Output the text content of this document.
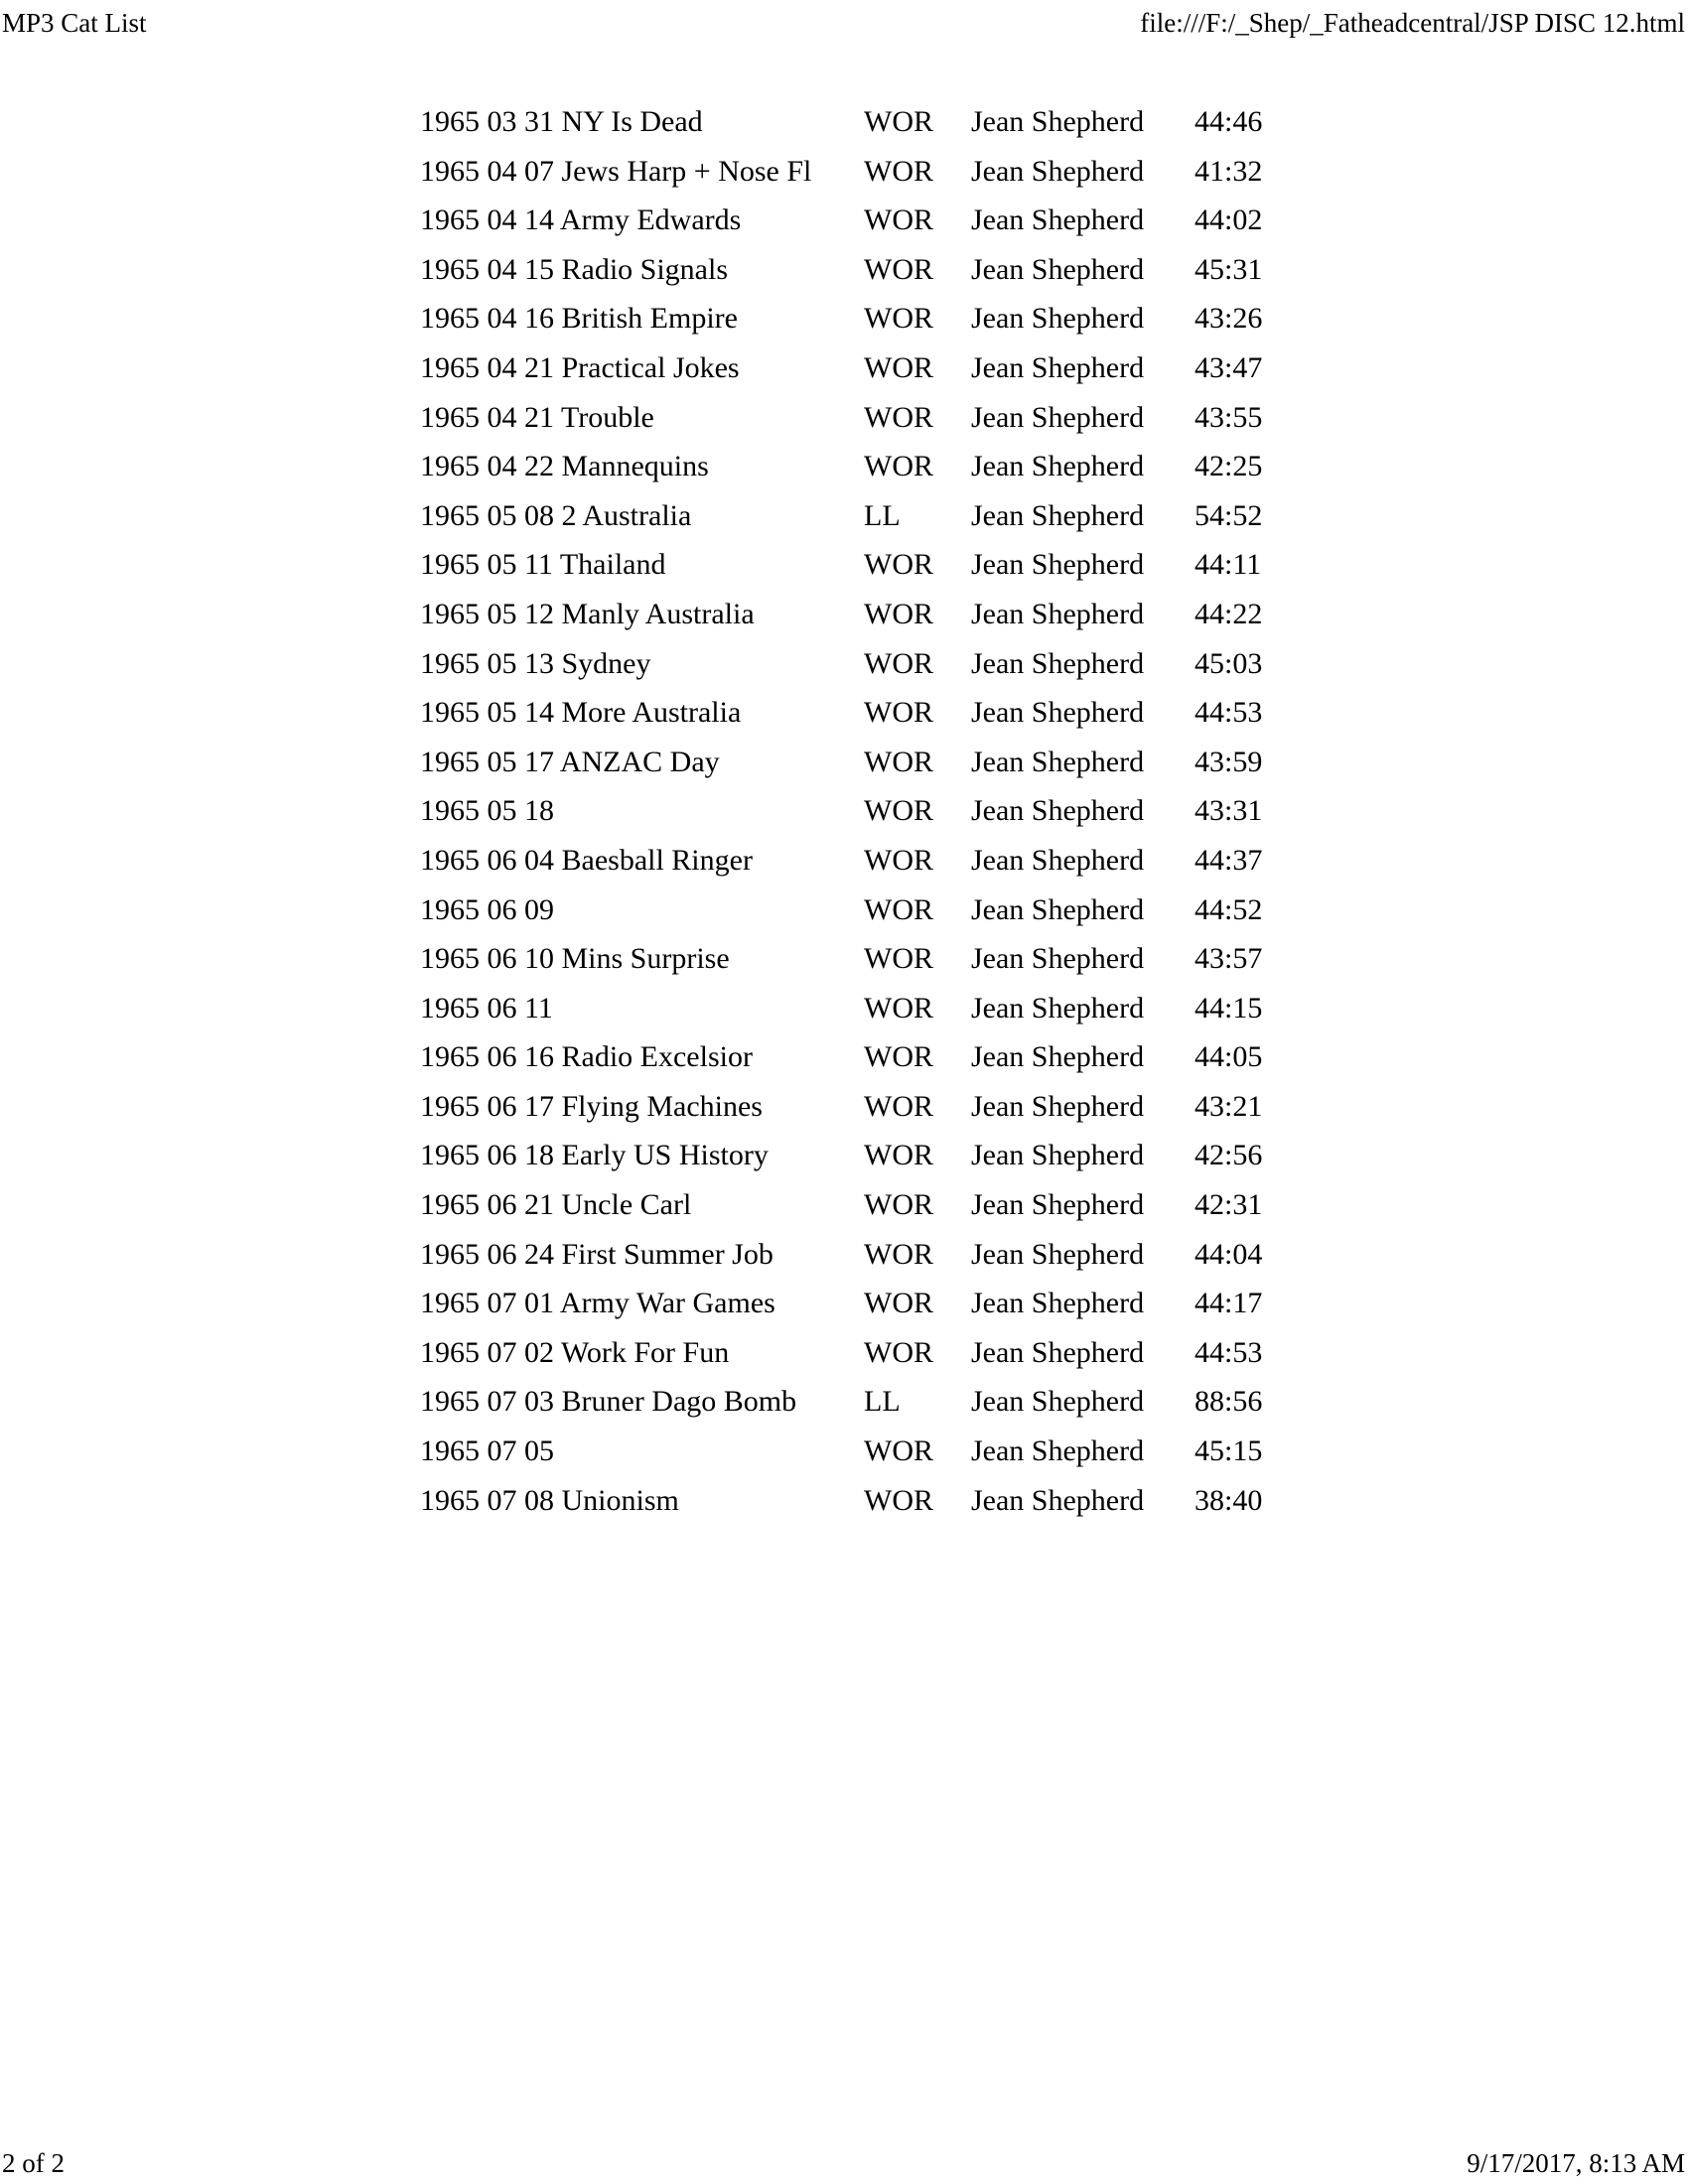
MP3 Cat List	file:///F:/_Shep/_Fatheadcentral/JSP DISC 12.html
1965 03 31 NY Is Dead	WOR	Jean Shepherd	44:46
1965 04 07 Jews Harp + Nose Fl	WOR	Jean Shepherd	41:32
1965 04 14 Army Edwards	WOR	Jean Shepherd	44:02
1965 04 15 Radio Signals	WOR	Jean Shepherd	45:31
1965 04 16 British Empire	WOR	Jean Shepherd	43:26
1965 04 21 Practical Jokes	WOR	Jean Shepherd	43:47
1965 04 21 Trouble	WOR	Jean Shepherd	43:55
1965 04 22 Mannequins	WOR	Jean Shepherd	42:25
1965 05 08 2 Australia	LL	Jean Shepherd	54:52
1965 05 11 Thailand	WOR	Jean Shepherd	44:11
1965 05 12 Manly Australia	WOR	Jean Shepherd	44:22
1965 05 13 Sydney	WOR	Jean Shepherd	45:03
1965 05 14 More Australia	WOR	Jean Shepherd	44:53
1965 05 17 ANZAC Day	WOR	Jean Shepherd	43:59
1965 05 18	WOR	Jean Shepherd	43:31
1965 06 04 Baesball Ringer	WOR	Jean Shepherd	44:37
1965 06 09	WOR	Jean Shepherd	44:52
1965 06 10 Mins Surprise	WOR	Jean Shepherd	43:57
1965 06 11	WOR	Jean Shepherd	44:15
1965 06 16 Radio Excelsior	WOR	Jean Shepherd	44:05
1965 06 17 Flying Machines	WOR	Jean Shepherd	43:21
1965 06 18 Early US History	WOR	Jean Shepherd	42:56
1965 06 21 Uncle Carl	WOR	Jean Shepherd	42:31
1965 06 24 First Summer Job	WOR	Jean Shepherd	44:04
1965 07 01 Army War Games	WOR	Jean Shepherd	44:17
1965 07 02 Work For Fun	WOR	Jean Shepherd	44:53
1965 07 03 Bruner Dago Bomb	LL	Jean Shepherd	88:56
1965 07 05	WOR	Jean Shepherd	45:15
1965 07 08 Unionism	WOR	Jean Shepherd	38:40
2 of 2	9/17/2017, 8:13 AM
